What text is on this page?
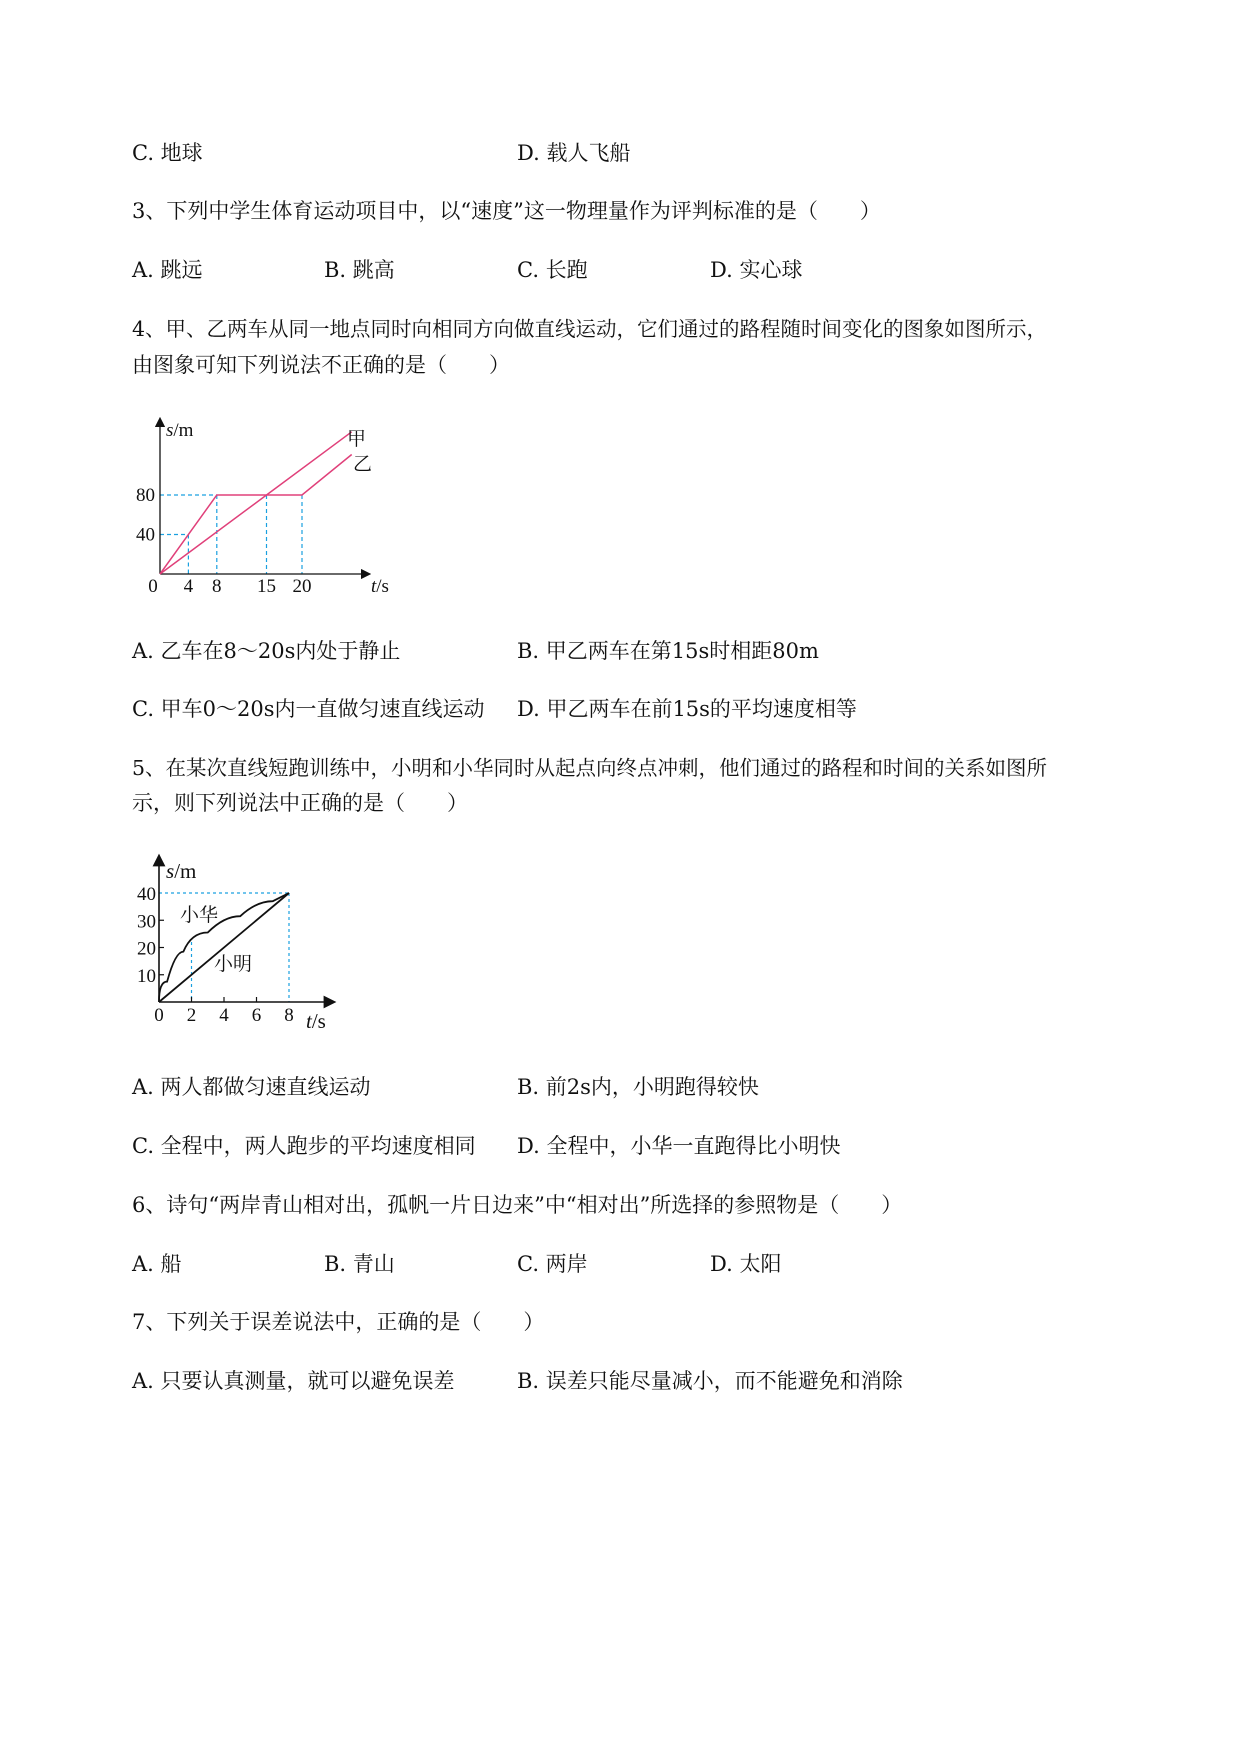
C. 地球	D. 载人飞船
3、下列中学生体育运动项目中，以“速度”这一物理量作为评判标准的是（　　）
A. 跳远	B. 跳高	C. 长跑	D. 实心球
4、甲、乙两车从同一地点同时向相同方向做直线运动，它们通过的路程随时间变化的图象如图所示，
由图象可知下列说法不正确的是（　　）
0 4 8 15 20
40
80
s/m
t/s
甲
乙
A. 乙车在8～20s内处于静止	B. 甲乙两车在第15s时相距80m
C. 甲车0～20s内一直做匀速直线运动 D. 甲乙两车在前15s的平均速度相等
5、在某次直线短跑训练中，小明和小华同时从起点向终点冲刺，他们通过的路程和时间的关系如图所
示，则下列说法中正确的是（　　）
0 2 4 6 8
10
20
30
40
s/m
t/s
小华
小明
A. 两人都做匀速直线运动	B. 前2s内，小明跑得较快
C. 全程中，两人跑步的平均速度相同 D. 全程中，小华一直跑得比小明快
6、诗句“两岸青山相对出，孤帆一片日边来”中“相对出”所选择的参照物是（　　）
A. 船	B. 青山	C. 两岸	D. 太阳
7、下列关于误差说法中，正确的是（　　）
A. 只要认真测量，就可以避免误差	B. 误差只能尽量减小，而不能避免和消除
